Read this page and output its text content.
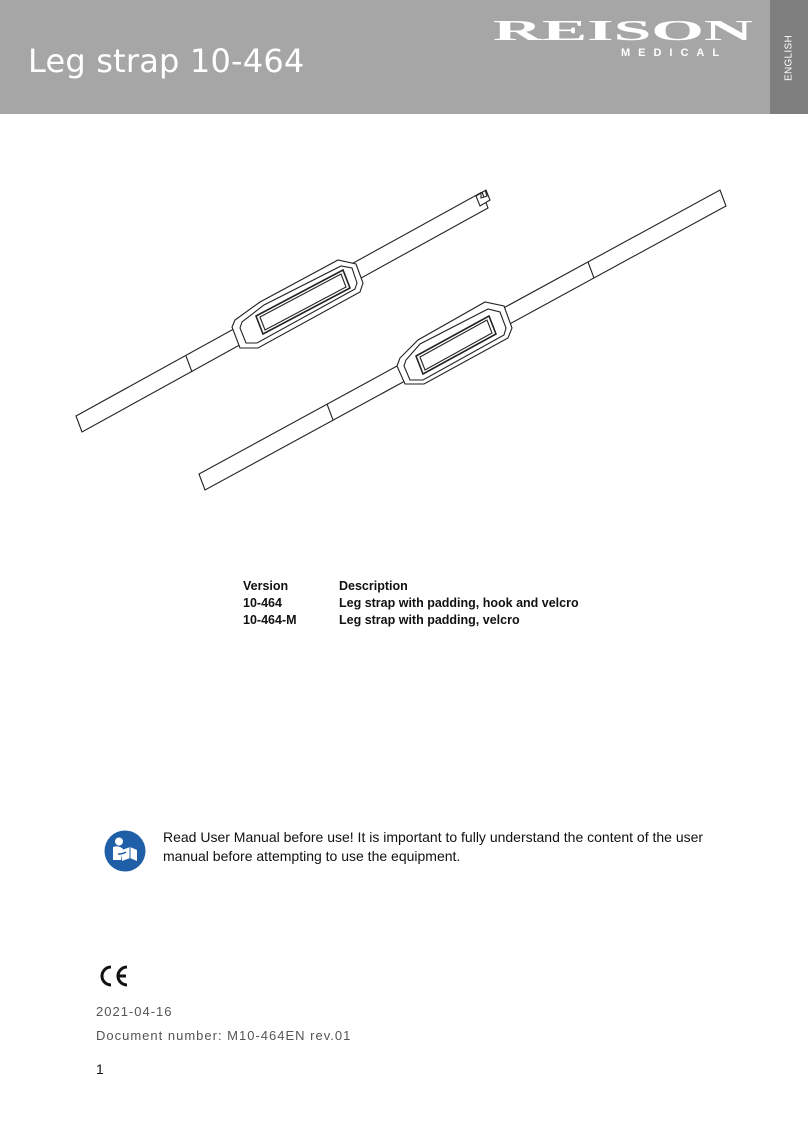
Leg strap 10-464
REISON
MEDICAL	ENGLISH
Version	Description
10-464	Leg strap with padding, hook and velcro
10-464-M	Leg strap with padding, velcro
Read User Manual before use! It is important to fully understand the content of the user manual before attempting to use the equipment.
2021-04-16
Document number: M10-464EN rev.01
1
